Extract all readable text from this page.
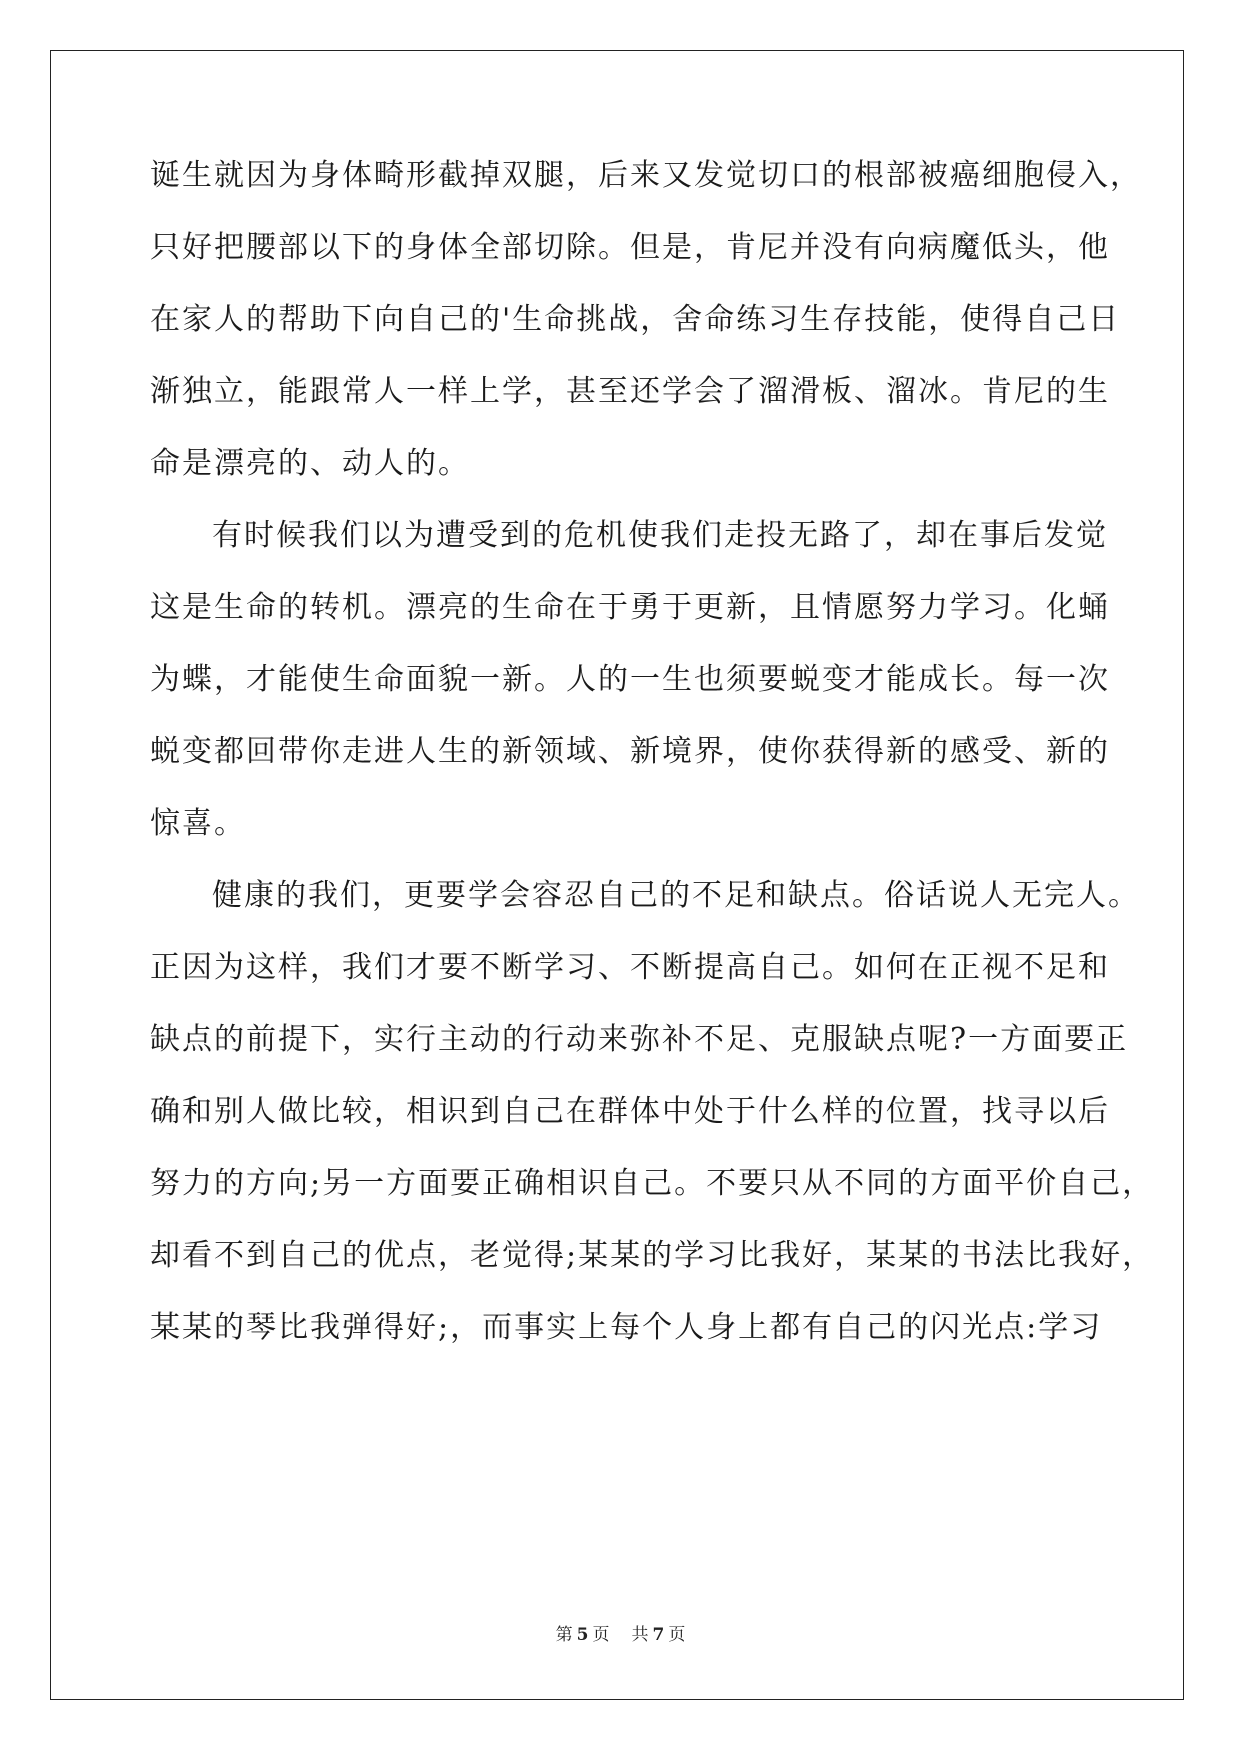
诞生就因为身体畸形截掉双腿，后来又发觉切口的根部被癌细胞侵入，
只好把腰部以下的身体全部切除。但是，肯尼并没有向病魔低头，他
在家人的帮助下向自己的'生命挑战，舍命练习生存技能，使得自己日
渐独立，能跟常人一样上学，甚至还学会了溜滑板、溜冰。肯尼的生
命是漂亮的、动人的。
有时候我们以为遭受到的危机使我们走投无路了，却在事后发觉
这是生命的转机。漂亮的生命在于勇于更新，且情愿努力学习。化蛹
为蝶，才能使生命面貌一新。人的一生也须要蜕变才能成长。每一次
蜕变都回带你走进人生的新领域、新境界，使你获得新的感受、新的
惊喜。
健康的我们，更要学会容忍自己的不足和缺点。俗话说人无完人。
正因为这样，我们才要不断学习、不断提高自己。如何在正视不足和
缺点的前提下，实行主动的行动来弥补不足、克服缺点呢?一方面要正
确和别人做比较，相识到自己在群体中处于什么样的位置，找寻以后
努力的方向;另一方面要正确相识自己。不要只从不同的方面平价自己，
却看不到自己的优点，老觉得;某某的学习比我好，某某的书法比我好，
某某的琴比我弹得好;，而事实上每个人身上都有自己的闪光点:学习
第 5 页 共 7 页
